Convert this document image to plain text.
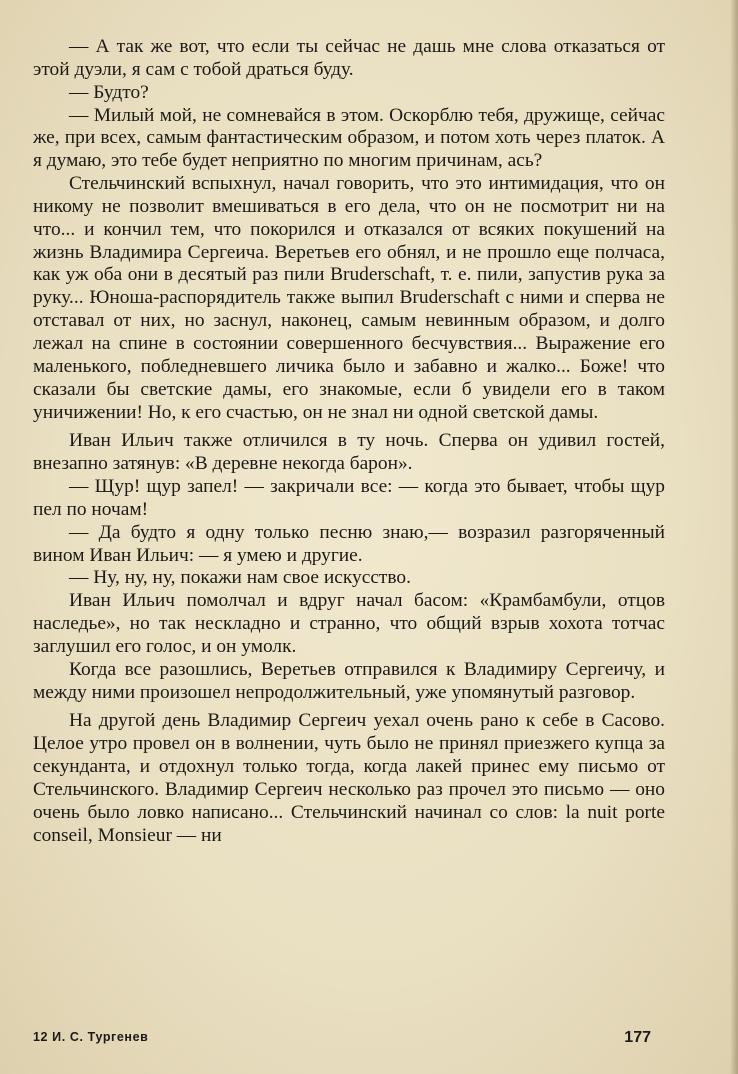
— А так же вот, что если ты сейчас не дашь мне слова отказаться от этой дуэли, я сам с тобой драться буду.

— Будто?

— Милый мой, не сомневайся в этом. Оскорблю тебя, дружище, сейчас же, при всех, самым фантастическим образом, и потом хоть через платок. А я думаю, это тебе будет неприятно по многим причинам, ась?

Стельчинский вспыхнул, начал говорить, что это интимидация, что он никому не позволит вмешиваться в его дела, что он не посмотрит ни на что... и кончил тем, что покорился и отказался от всяких покушений на жизнь Владимира Сергеича. Веретьев его обнял, и не прошло еще полчаса, как уж оба они в десятый раз пили Bruderschaft, т. е. пили, запустив рука за руку... Юноша-распорядитель также выпил Bruderschaft с ними и сперва не отставал от них, но заснул, наконец, самым невинным образом, и долго лежал на спине в состоянии совершенного бесчувствия... Выражение его маленького, побледневшего личика было и забавно и жалко... Боже! что сказали бы светские дамы, его знакомые, если б увидели его в таком уничижении! Но, к его счастью, он не знал ни одной светской дамы.

Иван Ильич также отличился в ту ночь. Сперва он удивил гостей, внезапно затянув: «В деревне некогда барон».

— Щур! щур запел! — закричали все: — когда это бывает, чтобы щур пел по ночам!

— Да будто я одну только песню знаю,— возразил разгоряченный вином Иван Ильич: — я умею и другие.

— Ну, ну, ну, покажи нам свое искусство.

Иван Ильич помолчал и вдруг начал басом: «Крамбамбули, отцов наследье», но так нескладно и странно, что общий взрыв хохота тотчас заглушил его голос, и он умолк.

Когда все разошлись, Веретьев отправился к Владимиру Сергеичу, и между ними произошел непродолжительный, уже упомянутый разговор.

На другой день Владимир Сергеич уехал очень рано к себе в Сасово. Целое утро провел он в волнении, чуть было не принял приезжего купца за секунданта, и отдохнул только тогда, когда лакей принес ему письмо от Стельчинского. Владимир Сергеич несколько раз прочел это письмо — оно очень было ловко написано... Стельчинский начинал со слов: la nuit porte conseil, Monsieur — ни

12 И. С. Тургенев	177
